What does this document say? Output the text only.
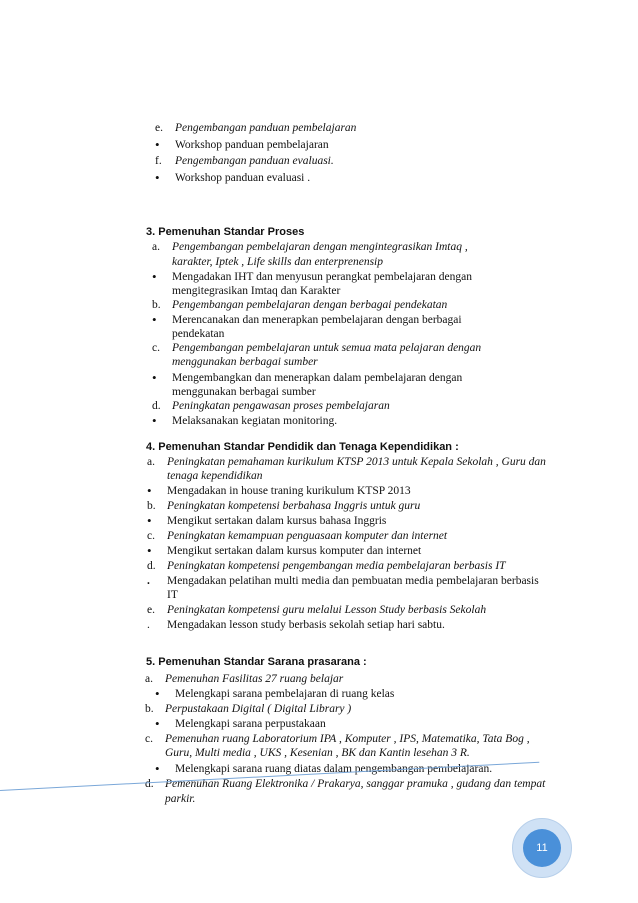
e. Pengembangan panduan pembelajaran
• Workshop panduan pembelajaran
f. Pengembangan panduan evaluasi.
• Workshop panduan evaluasi .
3. Pemenuhan Standar Proses
a. Pengembangan pembelajaran dengan mengintegrasikan Imtaq ,
karakter, Iptek , Life skills dan enterprenensip
• Mengadakan IHT dan menyusun perangkat pembelajaran dengan
mengitegrasikan Imtaq dan Karakter
b. Pengembangan pembelajaran dengan berbagai pendekatan
• Merencanakan dan menerapkan pembelajaran dengan berbagai
pendekatan
c. Pengembangan pembelajaran untuk semua mata pelajaran dengan
menggunakan berbagai sumber
• Mengembangkan dan menerapkan dalam pembelajaran dengan
menggunakan berbagai sumber
d. Peningkatan pengawasan proses pembelajaran
• Melaksanakan kegiatan monitoring.
4. Pemenuhan Standar Pendidik dan Tenaga Kependidikan :
a. Peningkatan pemahaman kurikulum KTSP 2013 untuk Kepala Sekolah , Guru dan
tenaga kependidikan
• Mengadakan in house traning kurikulum KTSP 2013
b. Peningkatan kompetensi berbahasa Inggris untuk guru
• Mengikut sertakan dalam kursus bahasa Inggris
c. Peningkatan kemampuan penguasaan komputer dan internet
• Mengikut sertakan dalam kursus komputer dan internet
d. Peningkatan kompetensi pengembangan media pembelajaran berbasis IT
. Mengadakan pelatihan multi media dan pembuatan media pembelajaran berbasis
IT
e. Peningkatan kompetensi guru melalui Lesson Study berbasis Sekolah
. Mengadakan lesson study berbasis sekolah setiap hari sabtu.
5. Pemenuhan Standar Sarana prasarana :
a. Pemenuhan Fasilitas 27 ruang belajar
• Melengkapi sarana pembelajaran di ruang kelas
b. Perpustakaan Digital ( Digital Library )
• Melengkapi sarana perpustakaan
c. Pemenuhan ruang Laboratorium IPA , Komputer , IPS, Matematika, Tata Bog ,
Guru, Multi media , UKS , Kesenian , BK dan Kantin lesehan 3 R.
• Melengkapi sarana ruang diatas dalam pengembangan pembelajaran.
d. Pemenuhan Ruang Elektronika / Prakarya, sanggar pramuka , gudang dan tempat
parkir.
11
